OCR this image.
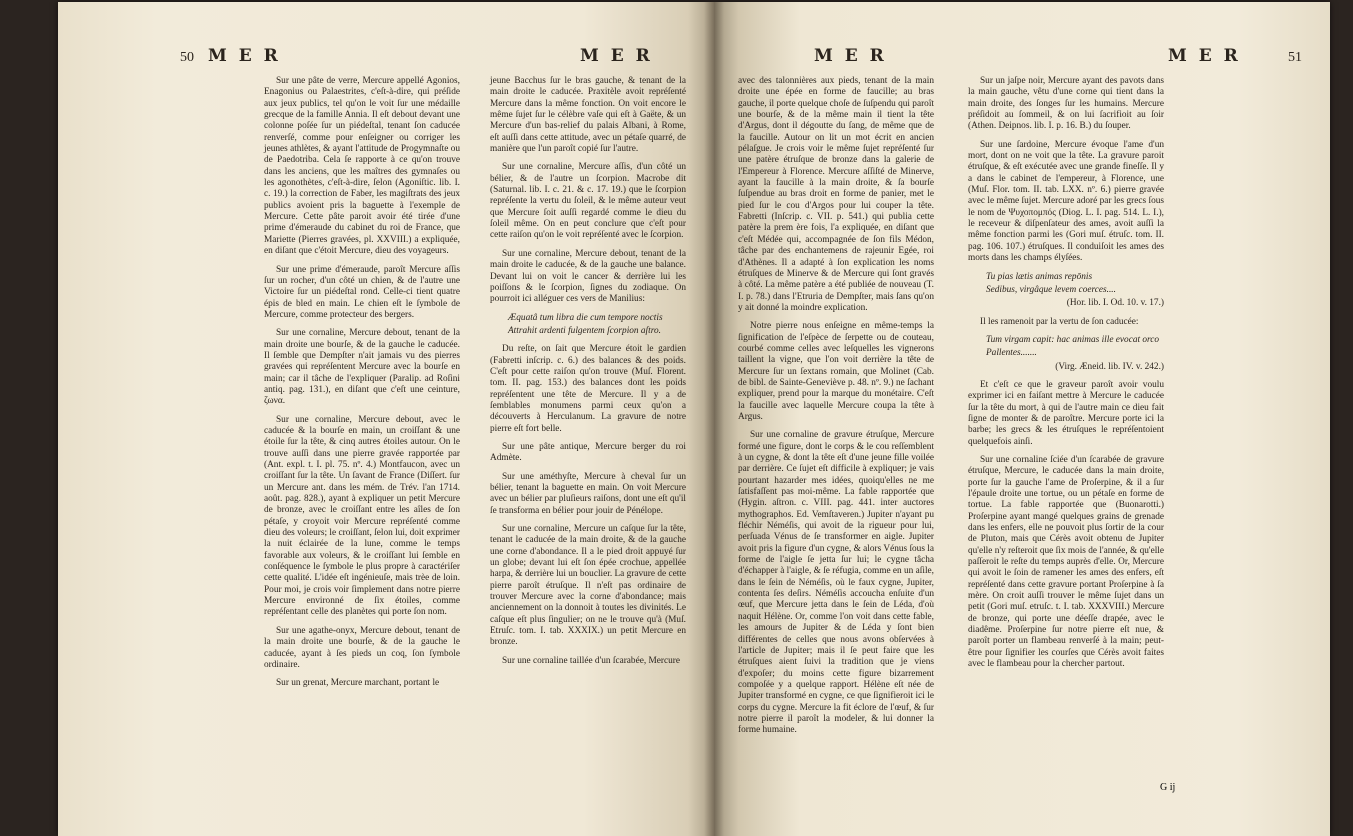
50 M E R	M E R

Sur une pâte de verre, Mercure appellé Agonios, Enagonius ou Palaestrites, c'eſt-à-dire, qui préſide aux jeux publics, tel qu'on le voit ſur une médaille grecque de la famille Annia. Il eſt debout devant une colonne poſée ſur un piédeſtal, tenant ſon caducée renverſé, comme pour enſeigner ou corriger les jeunes athlètes, & ayant l'attitude de Progymnaſte ou de Paedotriba. Cela ſe rapporte à ce qu'on trouve dans les anciens, que les maîtres des gymnaſes ou les agonothètes, c'eſt-à-dire, ſelon (Agoniſtic. lib. I. c. 19.) la correction de Faber, les magiſtrats des jeux publics avoient pris la baguette à l'exemple de Mercure. Cette pâte paroit avoir été tirée d'une prime d'émeraude du cabinet du roi de France, que Mariette (Pierres gravées, pl. XXVIII.) a expliquée, en diſant que c'étoit Mercure, dieu des voyageurs.

Sur une prime d'émeraude, paroît Mercure aſſis ſur un rocher, d'un côté un chien, & de l'autre une Victoire ſur un piédeſtal rond. Celle-ci tient quatre épis de bled en main. Le chien eſt le ſymbole de Mercure, comme protecteur des bergers.

Sur une cornaline, Mercure debout, tenant de la main droite une bourſe, & de la gauche le caducée. Il ſemble que Dempſter n'ait jamais vu des pierres gravées qui repréſentent Mercure avec la bourſe en main; car il tâche de l'expliquer (Paralip. ad Roſini antiq. pag. 131.), en diſant que c'eſt une ceinture, ζωνα.

Sur une cornaline, Mercure debout, avec le caducée & la bourſe en main, un croiſſant & une étoile ſur la tête, & cinq autres étoiles autour. On le trouve auſſi dans une pierre gravée rapportée par (Ant. expl. t. I. pl. 75. nº. 4.) Montfaucon, avec un croiſſant ſur la tête. Un ſavant de France (Diſſert. ſur un Mercure ant. dans les mém. de Trév. l'an 1714. août. pag. 828.), ayant à expliquer un petit Mercure de bronze, avec le croiſſant entre les aîles de ſon pétaſe, y croyoit voir Mercure repréſenté comme dieu des voleurs; le croiſſant, ſelon lui, doit exprimer la nuit éclairée de la lune, comme le temps favorable aux voleurs, & le croiſſant lui ſemble en conſéquence le ſymbole le plus propre à caractériſer cette qualité. L'idée eſt ingénieuſe, mais trèe de loin. Pour moi, je crois voir ſimplement dans notre pierre Mercure environné de ſix étoiles, comme repréſentant celle des planètes qui porte ſon nom.

Sur une agathe-onyx, Mercure debout, tenant de la main droite une bourſe, & de la gauche le caducée, ayant à ſes pieds un coq, ſon ſymbole ordinaire.

Sur un grenat, Mercure marchant, portant le

jeune Bacchus ſur le bras gauche, & tenant de la main droite le caducée. Praxitèle avoit repréſenté Mercure dans la même fonction. On voit encore le même ſujet ſur le célèbre vaſe qui eſt à Gaëte, & un Mercure d'un bas-relief du palais Albani, à Rome, eſt auſſi dans cette attitude, avec un pétaſe quarré, de manière que l'un paroît copié ſur l'autre.

Sur une cornaline, Mercure aſſis, d'un côté un bélier, & de l'autre un ſcorpion. Macrobe dit (Saturnal. lib. I. c. 21. & c. 17. 19.) que le ſcorpion repréſente la vertu du ſoleil, & le même auteur veut que Mercure ſoit auſſi regardé comme le dieu du ſoleil même. On en peut conclure que c'eſt pour cette raiſon qu'on le voit repréſenté avec le ſcorpion.

Sur une cornaline, Mercure debout, tenant de la main droite le caducée, & de la gauche une balance. Devant lui on voit le cancer & derrière lui les poiſſons & le ſcorpion, ſignes du zodiaque. On pourroit ici alléguer ces vers de Manilius:

Æquatâ tum libra die cum tempore noctis

Attrahit ardenti fulgentem ſcorpion aſtro.

Du reſte, on ſait que Mercure étoit le gardien (Fabretti inſcrip. c. 6.) des balances & des poids. C'eſt pour cette raiſon qu'on trouve (Muſ. Florent. tom. II. pag. 153.) des balances dont les poids repréſentent une tête de Mercure. Il y a de ſemblables monumens parmi ceux qu'on a découverts à Herculanum. La gravure de notre pierre eſt fort belle.

Sur une pâte antique, Mercure berger du roi Admète.

Sur une améthyſte, Mercure à cheval ſur un bélier, tenant la baguette en main. On voit Mercure avec un bélier par pluſieurs raiſons, dont une eſt qu'il ſe transforma en bélier pour jouir de Pénélope.

Sur une cornaline, Mercure un caſque ſur la tête, tenant le caducée de la main droite, & de la gauche une corne d'abondance. Il a le pied droit appuyé ſur un globe; devant lui eſt ſon épée crochue, appellée harpa, & derrière lui un bouclier. La gravure de cette pierre paroît étruſque. Il n'eſt pas ordinaire de trouver Mercure avec la corne d'abondance; mais anciennement on la donnoit à toutes les divinités. Le caſque eſt plus ſingulier; on ne le trouve qu'à (Muſ. Etruſc. tom. I. tab. XXXIX.) un petit Mercure en bronze.

Sur une cornaline taillée d'un ſcarabée, Mercure

M E R	M E R	51

avec des talonnières aux pieds, tenant de la main droite une épée en forme de faucille; au bras gauche, il porte quelque choſe de ſuſpendu qui paroît une bourſe, & de la même main il tient la tête d'Argus, dont il dégoutte du ſang, de même que de la faucille. Autour on lit un mot écrit en ancien pélaſgue. Je crois voir le même ſujet repréſenté ſur une patère étruſque de bronze dans la galerie de l'Empereur à Florence. Mercure aſſiſté de Minerve, ayant la faucille à la main droite, & ſa bourſe ſuſpendue au bras droit en forme de panier, met le pied ſur le cou d'Argos pour lui couper la tête. Fabretti (Inſcrip. c. VII. p. 541.) qui publia cette patère la prem ère fois, l'a expliquée, en diſant que c'eſt Médée qui, accompagnée de ſon fils Médon, tâche par des enchantemens de rajeunir Egée, roi d'Athènes. Il a adapté à ſon explication les noms étruſques de Minerve & de Mercure qui ſont gravés à côté. La même patère a été publiée de nouveau (T. I. p. 78.) dans l'Etruria de Dempſter, mais ſans qu'on y ait donné la moindre explication.

Notre pierre nous enſeigne en même-temps la ſignification de l'eſpèce de ſerpette ou de couteau, courbé comme celles avec leſquelles les vignerons taillent la vigne, que l'on voit derrière la tête de Mercure ſur un ſextans romain, que Molinet (Cab. de bibl. de Sainte-Geneviève p. 48. nº. 9.) ne ſachant expliquer, prend pour la marque du monétaire. C'eſt la faucille avec laquelle Mercure coupa la tête à Argus.

Sur une cornaline de gravure étruſque, Mercure formé une figure, dont le corps & le cou reſſemblent à un cygne, & dont la tête eſt d'une jeune fille voilée par derrière. Ce ſujet eſt difficile à expliquer; je vais pourtant hazarder mes idées, quoiqu'elles ne me ſatisfaſſent pas moi-même. La fable rapportée que (Hygin. aſtron. c. VIII. pag. 441. inter auctores mythographos. Ed. Vemſtaveren.) Jupiter n'ayant pu fléchir Néméſis, qui avoit de la rigueur pour lui, perſuada Vénus de ſe transformer en aigle. Jupiter avoit pris la figure d'un cygne, & alors Vénus ſous la forme de l'aigle ſe jetta ſur lui; le cygne tâcha d'échapper à l'aigle, & ſe réfugia, comme en un aſile, dans le ſein de Néméſis, où le faux cygne, Jupiter, contenta ſes deſirs. Néméſis accoucha enſuite d'un œuf, que Mercure jetta dans le ſein de Léda, d'où naquit Hélène. Or, comme l'on voit dans cette fable, les amours de Jupiter & de Léda y ſont bien différentes de celles que nous avons obſervées à l'article de Jupiter; mais il ſe peut faire que les étruſques aient ſuivi la tradition que je viens d'expoſer; du moins cette figure bizarrement compoſée y a quelque rapport. Hélène eſt née de Jupiter transformé en cygne, ce que ſignifieroit ici le corps du cygne. Mercure la fit éclore de l'œuf, & ſur notre pierre il paroît la modeler, & lui donner la forme humaine.

Sur un jaſpe noir, Mercure ayant des pavots dans la main gauche, vêtu d'une corne qui tient dans la main droite, des ſonges ſur les humains. Mercure préſidoit au ſommeil, & on lui ſacrifioit au ſoir (Athen. Deipnos. lib. I. p. 16. B.) du ſouper.

Sur une ſardoine, Mercure évoque l'ame d'un mort, dont on ne voit que la tête. La gravure paroit étruſque, & eſt exécutée avec une grande fineſſe. Il y a dans le cabinet de l'empereur, à Florence, une (Muſ. Flor. tom. II. tab. LXX. nº. 6.) pierre gravée avec le même ſujet. Mercure adoré par les grecs ſous le nom de Ψυχοπομπός (Diog. L. I. pag. 514. L. I.), le receveur & diſpenſateur des ames, avoit auſſi la même fonction parmi les (Gori muſ. étruſc. tom. II. pag. 106. 107.) étruſques. Il conduiſoit les ames des morts dans les champs élyſées.

Tu pias lætis animas repōnis

Sedibus, virgâque levem coerces....

(Hor. lib. I. Od. 10. v. 17.)

Il les ramenoit par la vertu de ſon caducée:

Tum virgam capit: hac animas ille evocat orco

Pallentes.......

(Virg. Æneid. lib. IV. v. 242.)

Et c'eſt ce que le graveur paroît avoir voulu exprimer ici en faiſant mettre à Mercure le caducée ſur la tête du mort, à qui de l'autre main ce dieu fait ſigne de monter & de paroître. Mercure porte ici la barbe; les grecs & les étruſques le repréſentoient quelquefois ainſi.

Sur une cornaline ſciée d'un ſcarabée de gravure étruſque, Mercure, le caducée dans la main droite, porte ſur la gauche l'ame de Proſerpine, & il a ſur l'épaule droite une tortue, ou un pétaſe en forme de tortue. La fable rapportée que (Buonarotti.) Proſerpine ayant mangé quelques grains de grenade dans les enfers, elle ne pouvoit plus ſortir de la cour de Pluton, mais que Cérès avoit obtenu de Jupiter qu'elle n'y reſteroit que ſix mois de l'année, & qu'elle paſſeroit le reſte du temps auprès d'elle. Or, Mercure qui avoit le ſoin de ramener les ames des enfers, eſt repréſenté dans cette gravure portant Proſerpine à ſa mère. On croit auſſi trouver le même ſujet dans un petit (Gori muſ. etruſc. t. I. tab. XXXVIII.) Mercure de bronze, qui porte une déeſſe drapée, avec le diadême. Proſerpine ſur notre pierre eſt nue, & paroît porter un flambeau renverſé à la main; peut-être pour ſignifier les courſes que Cérès avoit faites avec le flambeau pour la chercher partout.

G ij
